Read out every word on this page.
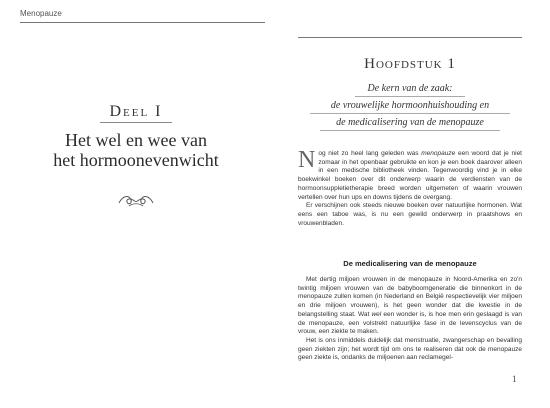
Menopauze
Deel I
Het wel en wee van
het hormoonevenwicht
Hoofdstuk 1
De kern van de zaak:
de vrouwelijke hormoonhuishouding en
de medicalisering van de menopauze

Nog niet zo heel lang geleden was menopauze een woord dat je niet zomaar in het openbaar gebruikte en kon je een boek daarover alleen in een medische bibliotheek vinden. Tegenwoordig vind je in elke boekwinkel boeken over dit onderwerp waarin de verdiensten van de hormoonsuppletietherapie breed worden uitgemeten of waarin vrouwen vertellen over hun ups en downs tijdens de overgang.

Er verschijnen ook steeds nieuwe boeken over natuurlijke hormonen. Wat eens een taboe was, is nu een gewild onderwerp in praatshows en vrouwenbladen.

De medicalisering van de menopauze

Met dertig miljoen vrouwen in de menopauze in Noord-Amerika en zo'n twintig miljoen vrouwen van de babyboomgeneratie die binnenkort in de menopauze zullen komen (in Nederland en België respectievelijk vier miljoen en drie miljoen vrouwen), is het geen wonder dat die kwestie in de belangstelling staat. Wat wel een wonder is, is hoe men erin geslaagd is van de menopauze, een volstrekt natuurlijke fase in de levenscyclus van de vrouw, een ziekte te maken.

Het is ons inmiddels duidelijk dat menstruatie, zwangerschap en bevalling geen ziekten zijn; het wordt tijd om ons te realiseren dat ook de menopauze geen ziekte is, ondanks de miljoenen aan reclamegel-

1
